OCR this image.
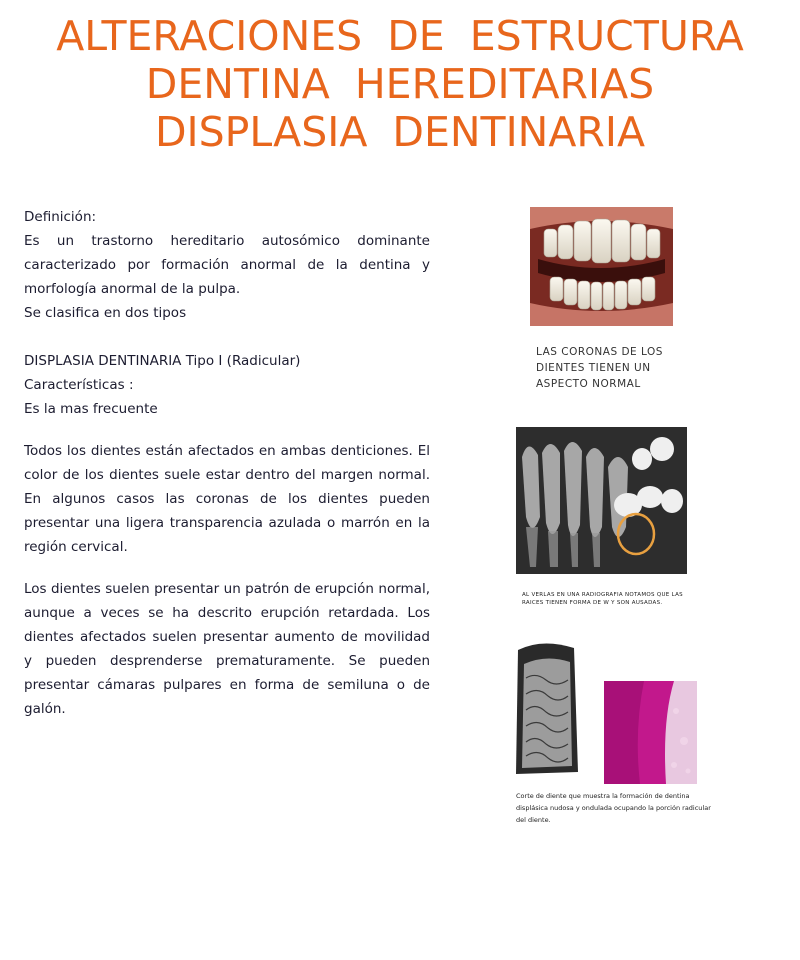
ALTERACIONES DE ESTRUCTURA
DENTINA HEREDITARIAS
DISPLASIA DENTINARIA

Definición:

Es un trastorno hereditario autosómico dominante caracterizado por formación anormal de la dentina y morfología anormal de la pulpa.

Se clasifica en dos tipos

DISPLASIA DENTINARIA Tipo I (Radicular)

Características :

Es la mas frecuente

Todos los dientes están afectados en ambas denticiones. El color de los dientes suele estar dentro del margen normal. En algunos casos las coronas de los dientes pueden presentar una ligera transparencia azulada o marrón en la región cervical.

Los dientes suelen presentar un patrón de erupción normal, aunque a veces se ha descrito erupción retardada. Los dientes afectados suelen presentar aumento de movilidad y pueden desprenderse prematuramente. Se pueden presentar cámaras pulpares en forma de semiluna o de galón.

LAS CORONAS DE LOS DIENTES TIENEN UN ASPECTO NORMAL
AL VERLAS EN UNA RADIOGRAFIA NOTAMOS QUE LAS RAICES TIENEN FORMA DE W Y SON AUSADAS.
Corte de diente que muestra la formación de dentina displásica nudosa y ondulada ocupando la porción radicular del diente.
